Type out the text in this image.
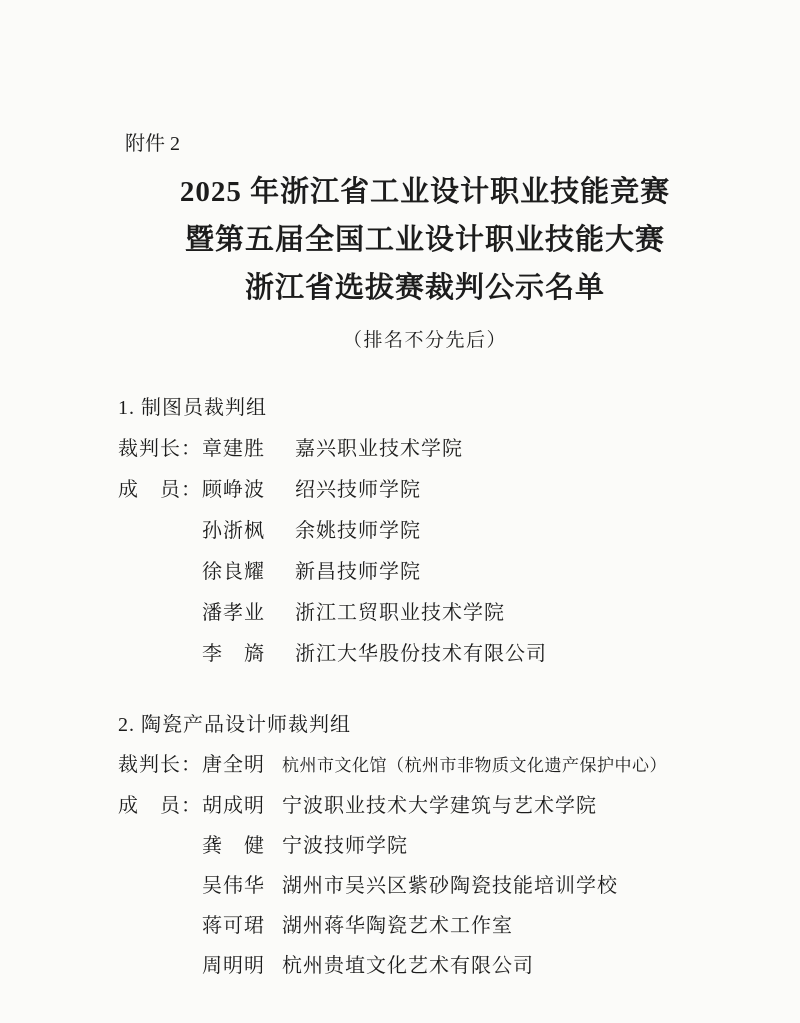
附件 2
2025 年浙江省工业设计职业技能竞赛
暨第五届全国工业设计职业技能大赛
浙江省选拔赛裁判公示名单
（排名不分先后）
1. 制图员裁判组
裁判长： 章建胜	嘉兴职业技术学院
成　员： 顾峥波	绍兴技师学院
孙浙枫	余姚技师学院
徐良耀	新昌技师学院
潘孝业	浙江工贸职业技术学院
李　旖	浙江大华股份技术有限公司
2. 陶瓷产品设计师裁判组
裁判长： 唐全明	杭州市文化馆（杭州市非物质文化遗产保护中心）
成　员： 胡成明 宁波职业技术大学建筑与艺术学院
龚　健 宁波技师学院
吴伟华 湖州市吴兴区紫砂陶瓷技能培训学校
蒋可珺 湖州蒋华陶瓷艺术工作室
周明明 杭州贵埴文化艺术有限公司
